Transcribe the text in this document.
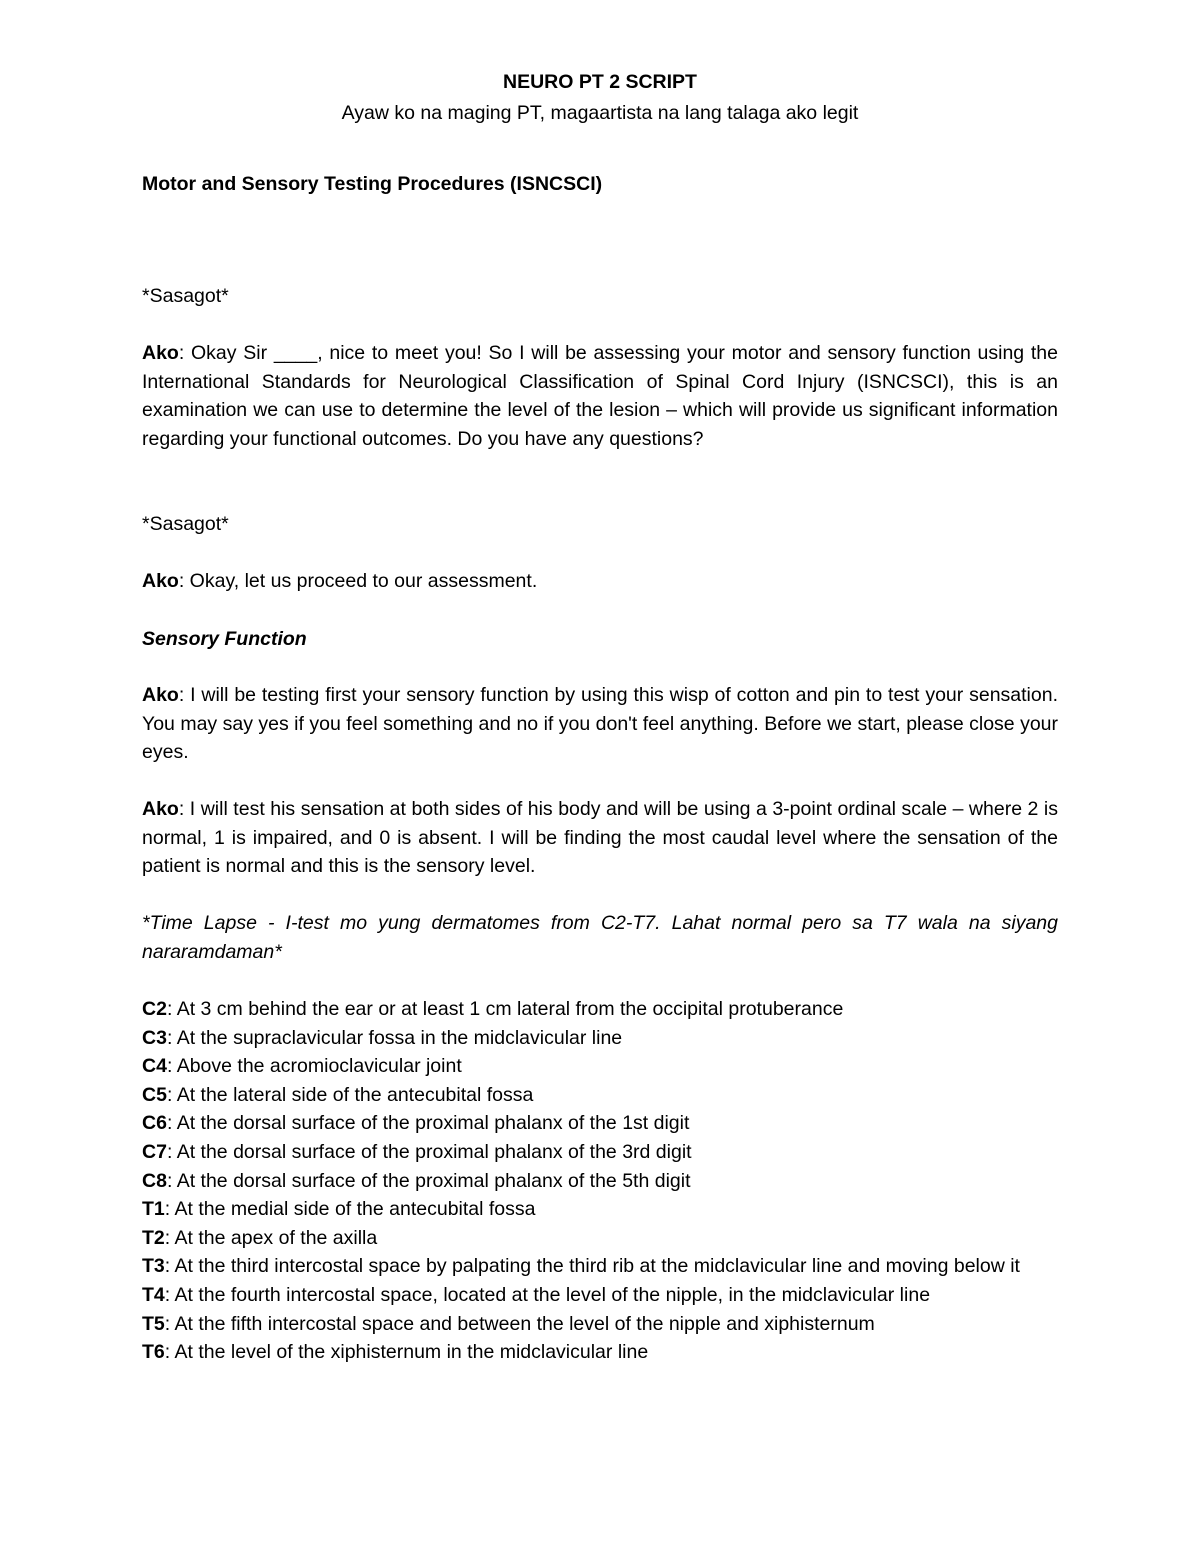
NEURO PT 2 SCRIPT
Ayaw ko na maging PT, magaartista na lang talaga ako legit
Motor and Sensory Testing Procedures (ISNCSCI)

*Sasagot*

Ako: Okay Sir ____, nice to meet you! So I will be assessing your motor and sensory function using the International Standards for Neurological Classification of Spinal Cord Injury (ISNCSCI), this is an examination we can use to determine the level of the lesion – which will provide us significant information regarding your functional outcomes. Do you have any questions?

*Sasagot*

Ako: Okay, let us proceed to our assessment.

Sensory Function

Ako: I will be testing first your sensory function by using this wisp of cotton and pin to test your sensation. You may say yes if you feel something and no if you don't feel anything. Before we start, please close your eyes.

Ako: I will test his sensation at both sides of his body and will be using a 3-point ordinal scale – where 2 is normal, 1 is impaired, and 0 is absent. I will be finding the most caudal level where the sensation of the patient is normal and this is the sensory level.

*Time Lapse - I-test mo yung dermatomes from C2-T7. Lahat normal pero sa T7 wala na siyang nararamdaman*

C2: At 3 cm behind the ear or at least 1 cm lateral from the occipital protuberance
C3: At the supraclavicular fossa in the midclavicular line
C4: Above the acromioclavicular joint
C5: At the lateral side of the antecubital fossa
C6: At the dorsal surface of the proximal phalanx of the 1st digit
C7: At the dorsal surface of the proximal phalanx of the 3rd digit
C8: At the dorsal surface of the proximal phalanx of the 5th digit
T1: At the medial side of the antecubital fossa
T2: At the apex of the axilla
T3: At the third intercostal space by palpating the third rib at the midclavicular line and moving below it
T4: At the fourth intercostal space, located at the level of the nipple, in the midclavicular line
T5: At the fifth intercostal space and between the level of the nipple and xiphisternum
T6: At the level of the xiphisternum in the midclavicular line
